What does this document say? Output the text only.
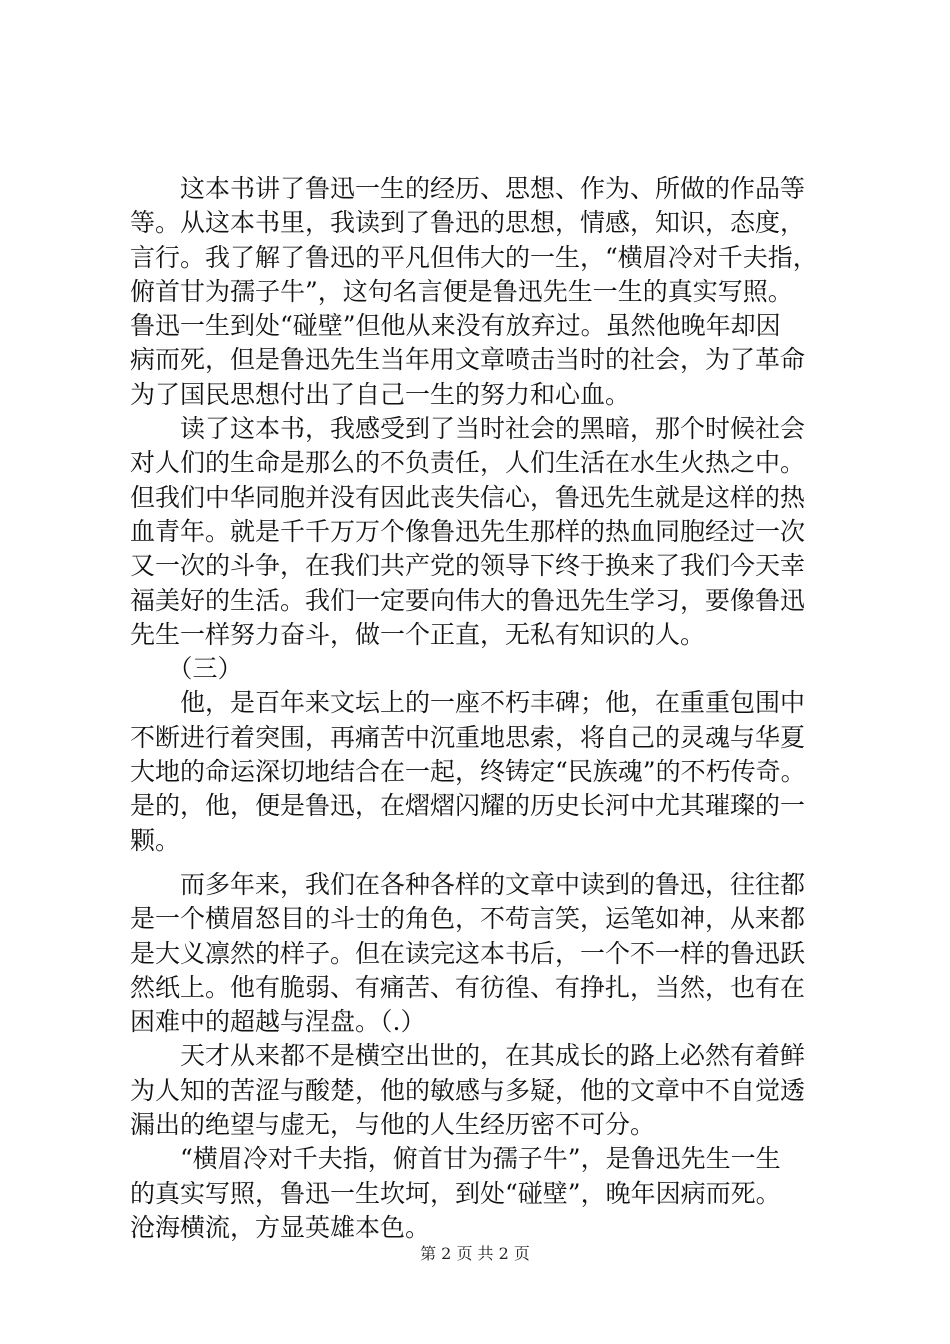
　　这本书讲了鲁迅一生的经历、思想、作为、所做的作品等
等。从这本书里，我读到了鲁迅的思想，情感，知识，态度，
言行。我了解了鲁迅的平凡但伟大的一生，“横眉冷对千夫指，
俯首甘为孺子牛”，这句名言便是鲁迅先生一生的真实写照。
鲁迅一生到处“碰壁”但他从来没有放弃过。虽然他晚年却因
病而死，但是鲁迅先生当年用文章喷击当时的社会，为了革命
为了国民思想付出了自己一生的努力和心血。
　　读了这本书，我感受到了当时社会的黑暗，那个时候社会
对人们的生命是那么的不负责任，人们生活在水生火热之中。
但我们中华同胞并没有因此丧失信心，鲁迅先生就是这样的热
血青年。就是千千万万个像鲁迅先生那样的热血同胞经过一次
又一次的斗争，在我们共产党的领导下终于换来了我们今天幸
福美好的生活。我们一定要向伟大的鲁迅先生学习，要像鲁迅
先生一样努力奋斗，做一个正直，无私有知识的人。
　　（三）
　　他，是百年来文坛上的一座不朽丰碑；他，在重重包围中
不断进行着突围，再痛苦中沉重地思索，将自己的灵魂与华夏
大地的命运深切地结合在一起，终铸定“民族魂”的不朽传奇。
是的，他，便是鲁迅，在熠熠闪耀的历史长河中尤其璀璨的一
颗。
　　而多年来，我们在各种各样的文章中读到的鲁迅，往往都
是一个横眉怒目的斗士的角色，不苟言笑，运笔如神，从来都
是大义凛然的样子。但在读完这本书后，一个不一样的鲁迅跃
然纸上。他有脆弱、有痛苦、有彷徨、有挣扎，当然，也有在
困难中的超越与涅盘。（.）
　　天才从来都不是横空出世的，在其成长的路上必然有着鲜
为人知的苦涩与酸楚，他的敏感与多疑，他的文章中不自觉透
漏出的绝望与虚无，与他的人生经历密不可分。
　　“横眉冷对千夫指，俯首甘为孺子牛”，是鲁迅先生一生
的真实写照，鲁迅一生坎坷，到处“碰壁”，晚年因病而死。
沧海横流，方显英雄本色。
第 2 页 共 2 页
